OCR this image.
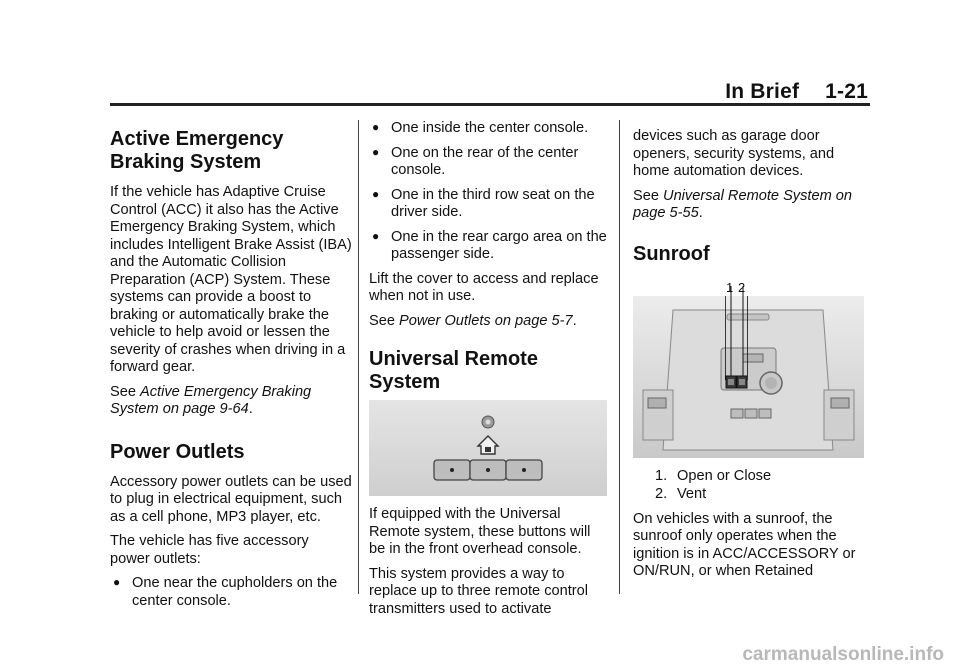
In Brief 1-21
Active Emergency Braking System

If the vehicle has Adaptive Cruise Control (ACC) it also has the Active Emergency Braking System, which includes Intelligent Brake Assist (IBA) and the Automatic Collision Preparation (ACP) System. These systems can provide a boost to braking or automatically brake the vehicle to help avoid or lessen the severity of crashes when driving in a forward gear.

See Active Emergency Braking System on page 9-64.

Power Outlets

Accessory power outlets can be used to plug in electrical equipment, such as a cell phone, MP3 player, etc.

The vehicle has five accessory power outlets:

● One near the cupholders on the center console.
● One inside the center console.
● One on the rear of the center console.
● One in the third row seat on the driver side.
● One in the rear cargo area on the passenger side.

Lift the cover to access and replace when not in use.

See Power Outlets on page 5-7.

Universal Remote System

If equipped with the Universal Remote system, these buttons will be in the front overhead console.

This system provides a way to replace up to three remote control transmitters used to activate

devices such as garage door openers, security systems, and home automation devices.

See Universal Remote System on page 5-55.

Sunroof
1 2
1. Open or Close
2. Vent

On vehicles with a sunroof, the sunroof only operates when the ignition is in ACC/ACCESSORY or ON/RUN, or when Retained

carmanualsonline.info
